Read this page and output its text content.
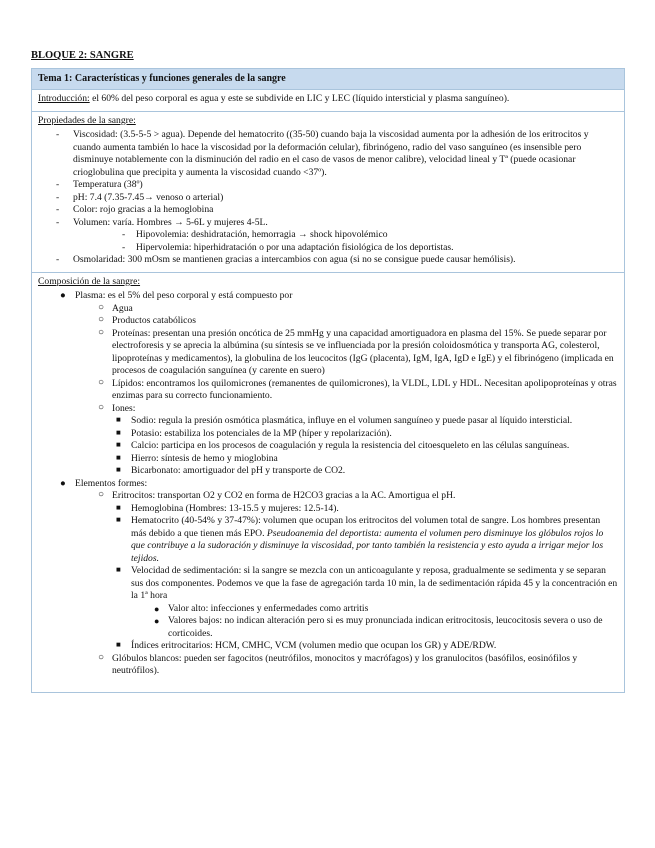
BLOQUE 2: SANGRE
Tema 1: Características y funciones generales de la sangre
Introducción: el 60% del peso corporal es agua y este se subdivide en LIC y LEC (líquido intersticial y plasma sanguíneo).
Propiedades de la sangre:
- Viscosidad: (3.5-5-5 > agua). Depende del hematocrito ((35-50) cuando baja la viscosidad aumenta por la adhesión de los eritrocitos y cuando aumenta también lo hace la viscosidad por la deformación celular), fibrinógeno, radio del vaso sanguíneo (es insensible pero disminuye notablemente con la disminución del radio en el caso de vasos de menor calibre), velocidad lineal y Tª (puede ocasionar crioglobulina que precipita y aumenta la viscosidad cuando <37º).
- Temperatura (38º)
- pH: 7.4 (7.35-7.45→ venoso o arterial)
- Color: rojo gracias a la hemoglobina
- Volumen: varía. Hombres → 5-6L y mujeres 4-5L.
- Hipovolemia: deshidratación, hemorragia → shock hipovolémico
- Hipervolemia: hiperhidratación o por una adaptación fisiológica de los deportistas.
- Osmolaridad: 300 mOsm se mantienen gracias a intercambios con agua (si no se consigue puede causar hemólisis).
Composición de la sangre:
● Plasma: es el 5% del peso corporal y está compuesto por
○ Agua
○ Productos catabólicos
○ Proteínas: presentan una presión oncótica de 25 mmHg y una capacidad amortiguadora en plasma del 15%. Se puede separar por electroforesis y se aprecia la albúmina (su síntesis se ve influenciada por la presión coloidosmótica y transporta AG, colesterol, lipoproteínas y medicamentos), la globulina de los leucocitos (IgG (placenta), IgM, IgA, IgD e IgE) y el fibrinógeno (implicada en procesos de coagulación sanguínea (y carente en suero)
○ Lípidos: encontramos los quilomicrones (remanentes de quilomicrones), la VLDL, LDL y HDL. Necesitan apolipoproteínas y otras enzimas para su correcto funcionamiento.
○ Iones:
■ Sodio: regula la presión osmótica plasmática, influye en el volumen sanguíneo y puede pasar al líquido intersticial.
■ Potasio: estabiliza los potenciales de la MP (híper y repolarización).
■ Calcio: participa en los procesos de coagulación y regula la resistencia del citoesqueleto en las células sanguíneas.
■ Hierro: síntesis de hemo y mioglobina
■ Bicarbonato: amortiguador del pH y transporte de CO2.
● Elementos formes:
○ Eritrocitos: transportan O2 y CO2 en forma de H2CO3 gracias a la AC. Amortigua el pH.
■ Hemoglobina (Hombres: 13-15.5 y mujeres: 12.5-14).
■ Hematocrito (40-54% y 37-47%): volumen que ocupan los eritrocitos del volumen total de sangre. Los hombres presentan más debido a que tienen más EPO. Pseudoanemia del deportista: aumenta el volumen pero disminuye los glóbulos rojos lo que contribuye a la sudoración y disminuye la viscosidad, por tanto también la resistencia y esto ayuda a irrigar mejor los tejidos.
■ Velocidad de sedimentación: si la sangre se mezcla con un anticoagulante y reposa, gradualmente se sedimenta y se separan sus dos componentes. Podemos ve que la fase de agregación tarda 10 min, la de sedimentación rápida 45 y la concentración en la 1ª hora
● Valor alto: infecciones y enfermedades como artritis
● Valores bajos: no indican alteración pero si es muy pronunciada indican eritrocitosis, leucocitosis severa o uso de corticoides.
■ Índices eritrocitarios: HCM, CMHC, VCM (volumen medio que ocupan los GR) y ADE/RDW.
○ Glóbulos blancos: pueden ser fagocitos (neutrófilos, monocitos y macrófagos) y los granulocitos (basófilos, eosinófilos y neutrófilos).
